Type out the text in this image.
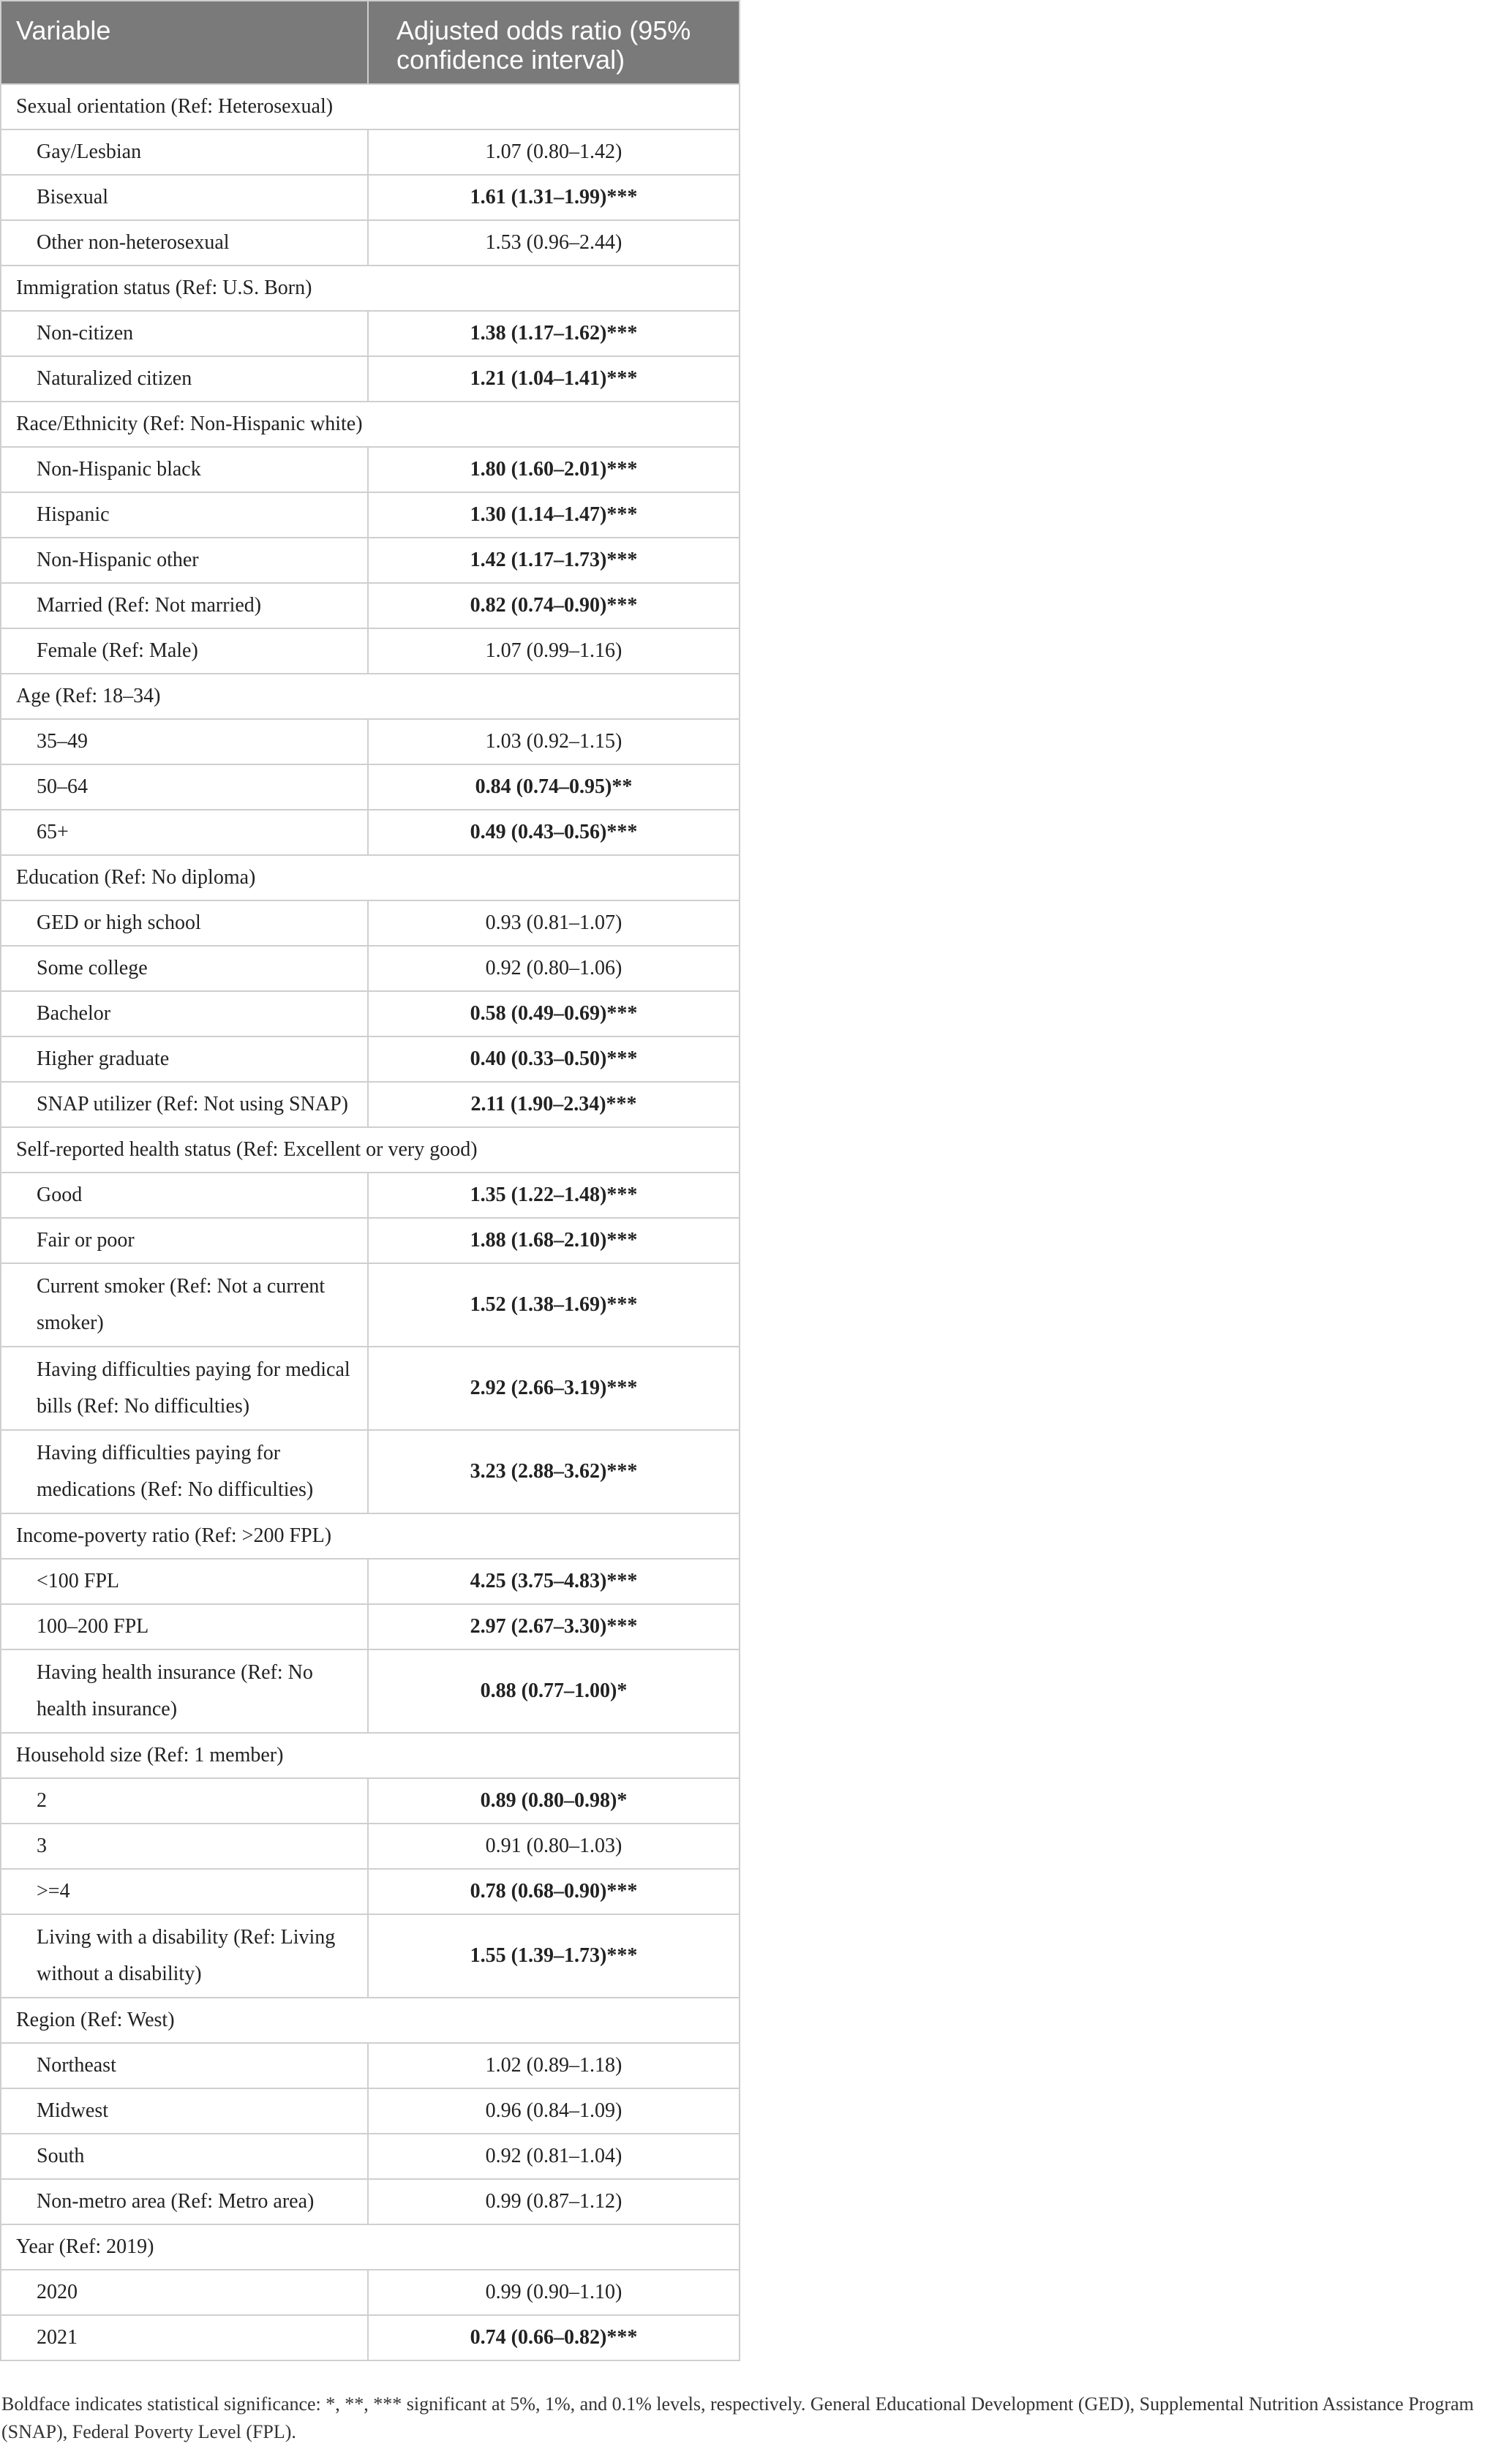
Variable	Adjusted odds ratio (95% confidence interval)
Sexual orientation (Ref: Heterosexual)	
Gay/Lesbian	1.07 (0.80–1.42)
Bisexual	1.61 (1.31–1.99)***
Other non-heterosexual	1.53 (0.96–2.44)
Immigration status (Ref: U.S. Born)	
Non-citizen	1.38 (1.17–1.62)***
Naturalized citizen	1.21 (1.04–1.41)***
Race/Ethnicity (Ref: Non-Hispanic white)	
Non-Hispanic black	1.80 (1.60–2.01)***
Hispanic	1.30 (1.14–1.47)***
Non-Hispanic other	1.42 (1.17–1.73)***
Married (Ref: Not married)	0.82 (0.74–0.90)***
Female (Ref: Male)	1.07 (0.99–1.16)
Age (Ref: 18–34)	
35–49	1.03 (0.92–1.15)
50–64	0.84 (0.74–0.95)**
65+	0.49 (0.43–0.56)***
Education (Ref: No diploma)	
GED or high school	0.93 (0.81–1.07)
Some college	0.92 (0.80–1.06)
Bachelor	0.58 (0.49–0.69)***
Higher graduate	0.40 (0.33–0.50)***
SNAP utilizer (Ref: Not using SNAP)	2.11 (1.90–2.34)***
Self-reported health status (Ref: Excellent or very good)	
Good	1.35 (1.22–1.48)***
Fair or poor	1.88 (1.68–2.10)***
Current smoker (Ref: Not a current smoker)	1.52 (1.38–1.69)***
Having difficulties paying for medical bills (Ref: No difficulties)	2.92 (2.66–3.19)***
Having difficulties paying for medications (Ref: No difficulties)	3.23 (2.88–3.62)***
Income-poverty ratio (Ref: >200 FPL)	
<100 FPL	4.25 (3.75–4.83)***
100–200 FPL	2.97 (2.67–3.30)***
Having health insurance (Ref: No health insurance)	0.88 (0.77–1.00)*
Household size (Ref: 1 member)	
2	0.89 (0.80–0.98)*
3	0.91 (0.80–1.03)
>=4	0.78 (0.68–0.90)***
Living with a disability (Ref: Living without a disability)	1.55 (1.39–1.73)***
Region (Ref: West)	
Northeast	1.02 (0.89–1.18)
Midwest	0.96 (0.84–1.09)
South	0.92 (0.81–1.04)
Non-metro area (Ref: Metro area)	0.99 (0.87–1.12)
Year (Ref: 2019)	
2020	0.99 (0.90–1.10)
2021	0.74 (0.66–0.82)***
Boldface indicates statistical significance: *, **, *** significant at 5%, 1%, and 0.1% levels, respectively. General Educational Development (GED), Supplemental Nutrition Assistance Program (SNAP), Federal Poverty Level (FPL).
